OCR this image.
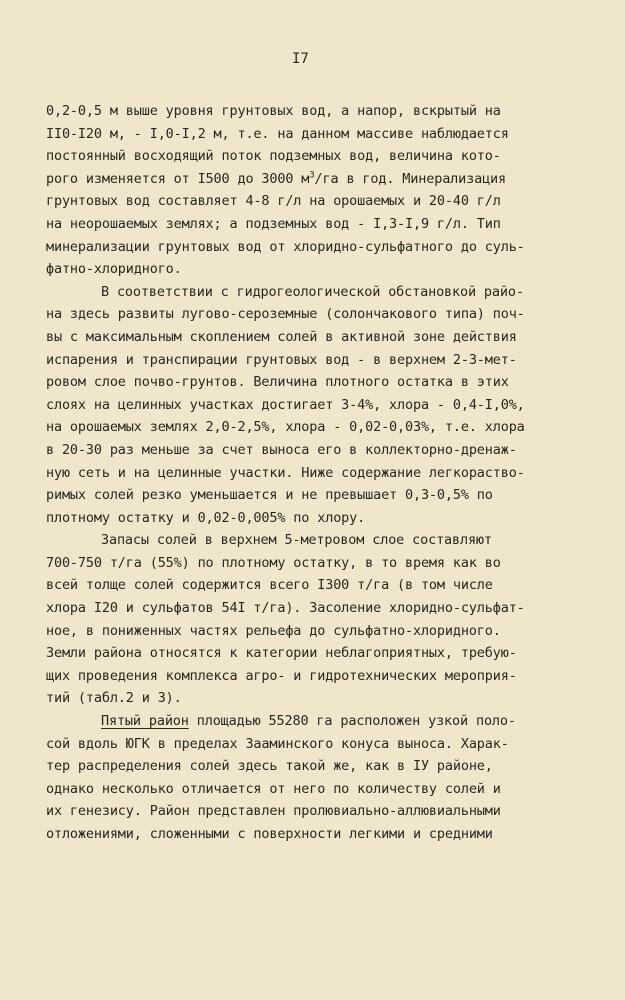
I7
0,2-0,5 м выше уровня грунтовых вод, а напор, вскрытый на
II0-I20 м, - I,0-I,2 м, т.е. на данном массиве наблюдается
постоянный восходящий поток подземных вод, величина кото-
рого изменяется от I500 до 3000 $м^3/га$ в год. Минерализация
грунтовых вод составляет 4-8 г/л на орошаемых и 20-40 г/л
на неорошаемых землях; а подземных вод - I,3-I,9 г/л. Тип
минерализации грунтовых вод от хлоридно-сульфатного до суль-
фатно-хлоридного.
В соответствии с гидрогеологической обстановкой райо-
на здесь развиты лугово-сероземные (солончакового типа) поч-
вы с максимальным скоплением солей в активной зоне действия
испарения и транспирации грунтовых вод - в верхнем 2-3-мет-
ровом слое почво-грунтов. Величина плотного остатка в этих
слоях на целинных участках достигает 3-4%, хлора - 0,4-I,0%,
на орошаемых землях 2,0-2,5%, хлора - 0,02-0,03%, т.е. хлора
в 20-30 раз меньше за счет выноса его в коллекторно-дренаж-
ную сеть и на целинные участки. Ниже содержание легкораство-
римых солей резко уменьшается и не превышает 0,3-0,5% по
плотному остатку и 0,02-0,005% по хлору.
Запасы солей в верхнем 5-метровом слое составляют
700-750 т/га (55%) по плотному остатку, в то время как во
всей толще солей содержится всего I300 т/га (в том числе
хлора I20 и сульфатов 54I т/га). Засоление хлоридно-сульфат-
ное, в пониженных частях рельефа до сульфатно-хлоридного.
Земли района относятся к категории неблагоприятных, требую-
щих проведения комплекса агро- и гидротехнических мероприя-
тий (табл.2 и 3).
Пятый район площадью 55280 га расположен узкой поло-
сой вдоль ЮГК в пределах Зааминского конуса выноса. Харак-
тер распределения солей здесь такой же, как в IУ районе,
однако несколько отличается от него по количеству солей и
их генезису. Район представлен пролювиально-аллювиальными
отложениями, сложенными с поверхности легкими и средними
